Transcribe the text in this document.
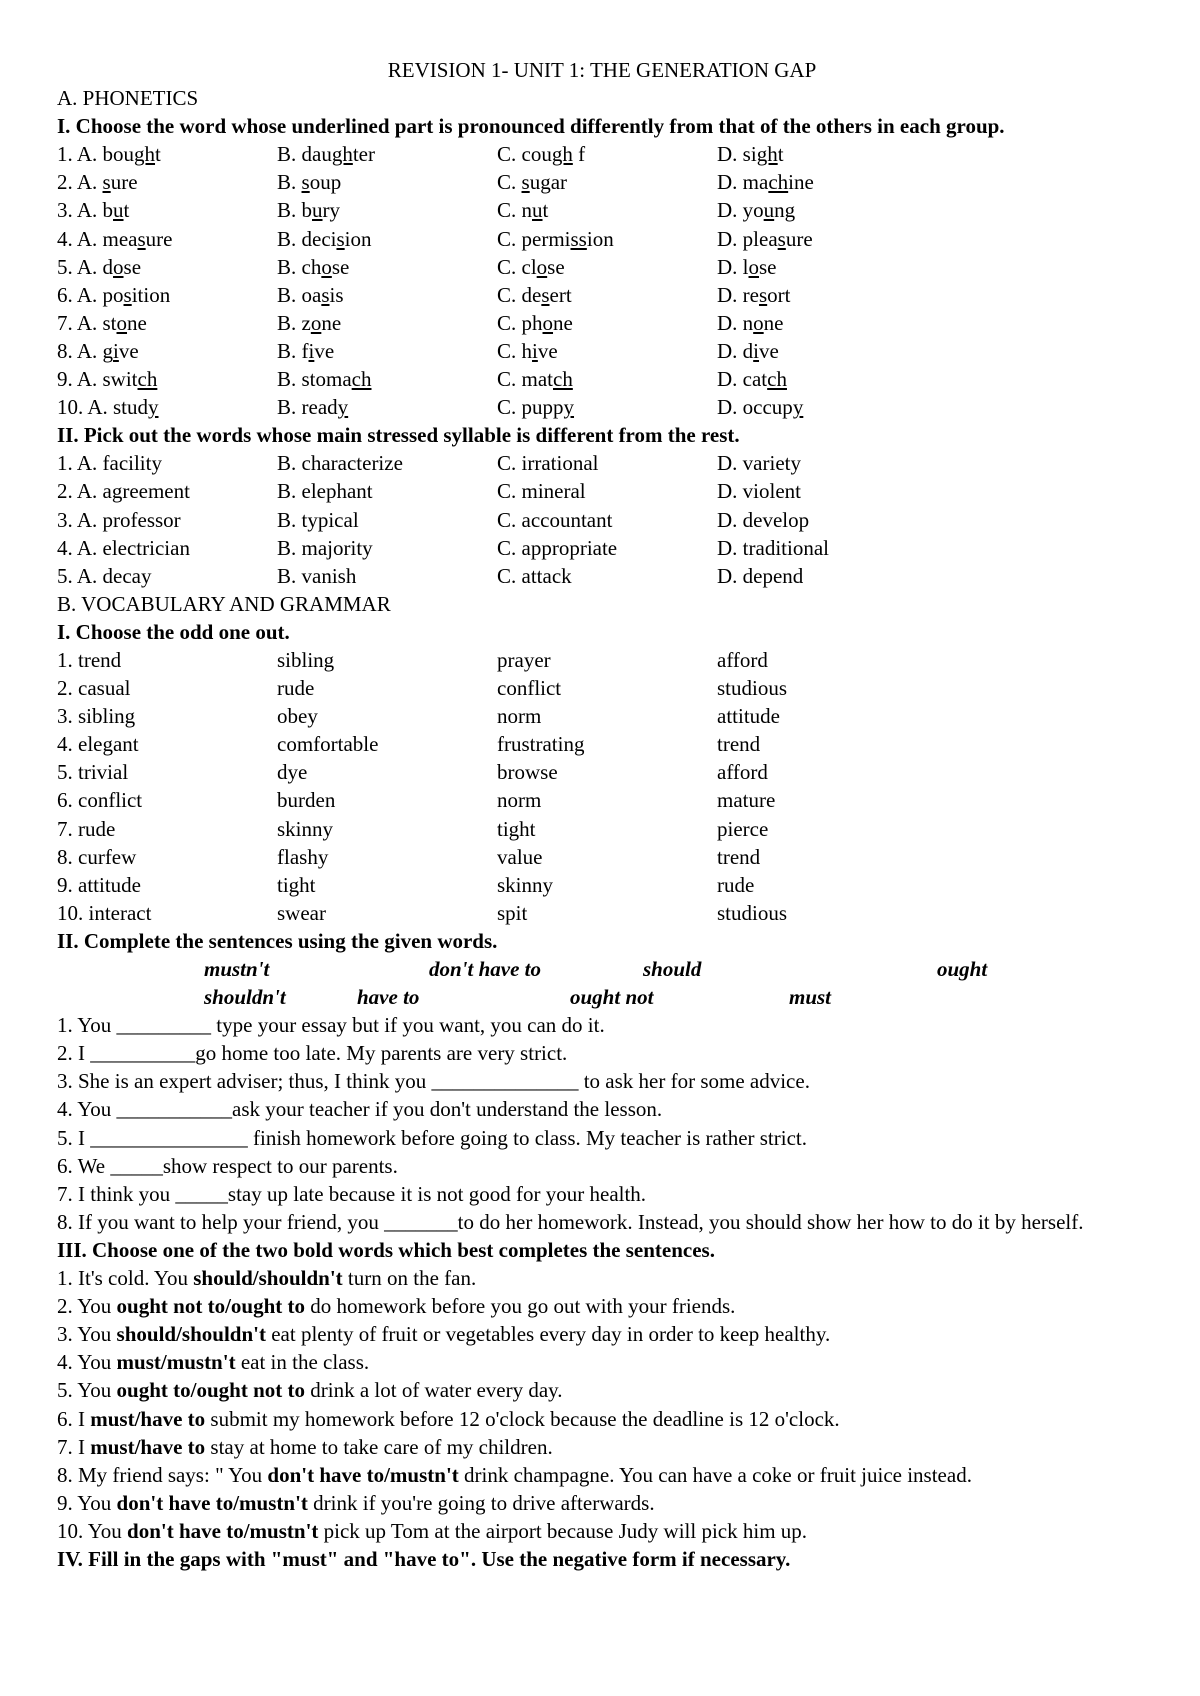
REVISION 1- UNIT 1: THE GENERATION GAP
A. PHONETICS
I. Choose the word whose underlined part is pronounced differently from that of the others in each group.
1. A. bought	B. daughter	C. cough f	D. sight
2. A. sure	B. soup	C. sugar	D. machine
3. A. but	B. bury	C. nut	D. young
4. A. measure	B. decision	C. permission	D. pleasure
5. A. dose	B. chose	C. close	D. lose
6. A. position	B. oasis	C. desert	D. resort
7. A. stone	B. zone	C. phone	D. none
8. A. give	B. five	C. hive	D. dive
9. A. switch	B. stomach	C. match	D. catch
10. A. study	B. ready	C. puppy	D. occupy
II. Pick out the words whose main stressed syllable is different from the rest.
1. A. facility	B. characterize	C. irrational	D. variety
2. A. agreement	B. elephant	C. mineral	D. violent
3. A. professor	B. typical	C. accountant	D. develop
4. A. electrician	B. majority	C. appropriate	D. traditional
5. A. decay	B. vanish	C. attack	D. depend
B. VOCABULARY AND GRAMMAR
I. Choose the odd one out.
1. trend	sibling	prayer	afford
2. casual	rude	conflict	studious
3. sibling	obey	norm	attitude
4. elegant	comfortable	frustrating	trend
5. trivial	dye	browse	afford
6. conflict	burden	norm	mature
7. rude	skinny	tight	pierce
8. curfew	flashy	value	trend
9. attitude	tight	skinny	rude
10. interact	swear	spit	studious
II. Complete the sentences using the given words.
mustn't	don't have to	should	ought
shouldn't	have to	ought not	must
1. You _________ type your essay but if you want, you can do it.
2. I __________go home too late. My parents are very strict.
3. She is an expert adviser; thus, I think you ______________ to ask her for some advice.
4. You ___________ask your teacher if you don't understand the lesson.
5. I _______________ finish homework before going to class. My teacher is rather strict.
6. We _____show respect to our parents.
7. I think you _____stay up late because it is not good for your health.
8. If you want to help your friend, you _______to do her homework. Instead, you should show her how to do it by herself.
III. Choose one of the two bold words which best completes the sentences.
1. It's cold. You should/shouldn't turn on the fan.
2. You ought not to/ought to do homework before you go out with your friends.
3. You should/shouldn't eat plenty of fruit or vegetables every day in order to keep healthy.
4. You must/mustn't eat in the class.
5. You ought to/ought not to drink a lot of water every day.
6. I must/have to submit my homework before 12 o'clock because the deadline is 12 o'clock.
7. I must/have to stay at home to take care of my children.
8. My friend says: " You don't have to/mustn't drink champagne. You can have a coke or fruit juice instead.
9. You don't have to/mustn't drink if you're going to drive afterwards.
10. You don't have to/mustn't pick up Tom at the airport because Judy will pick him up.
IV. Fill in the gaps with "must" and "have to". Use the negative form if necessary.
